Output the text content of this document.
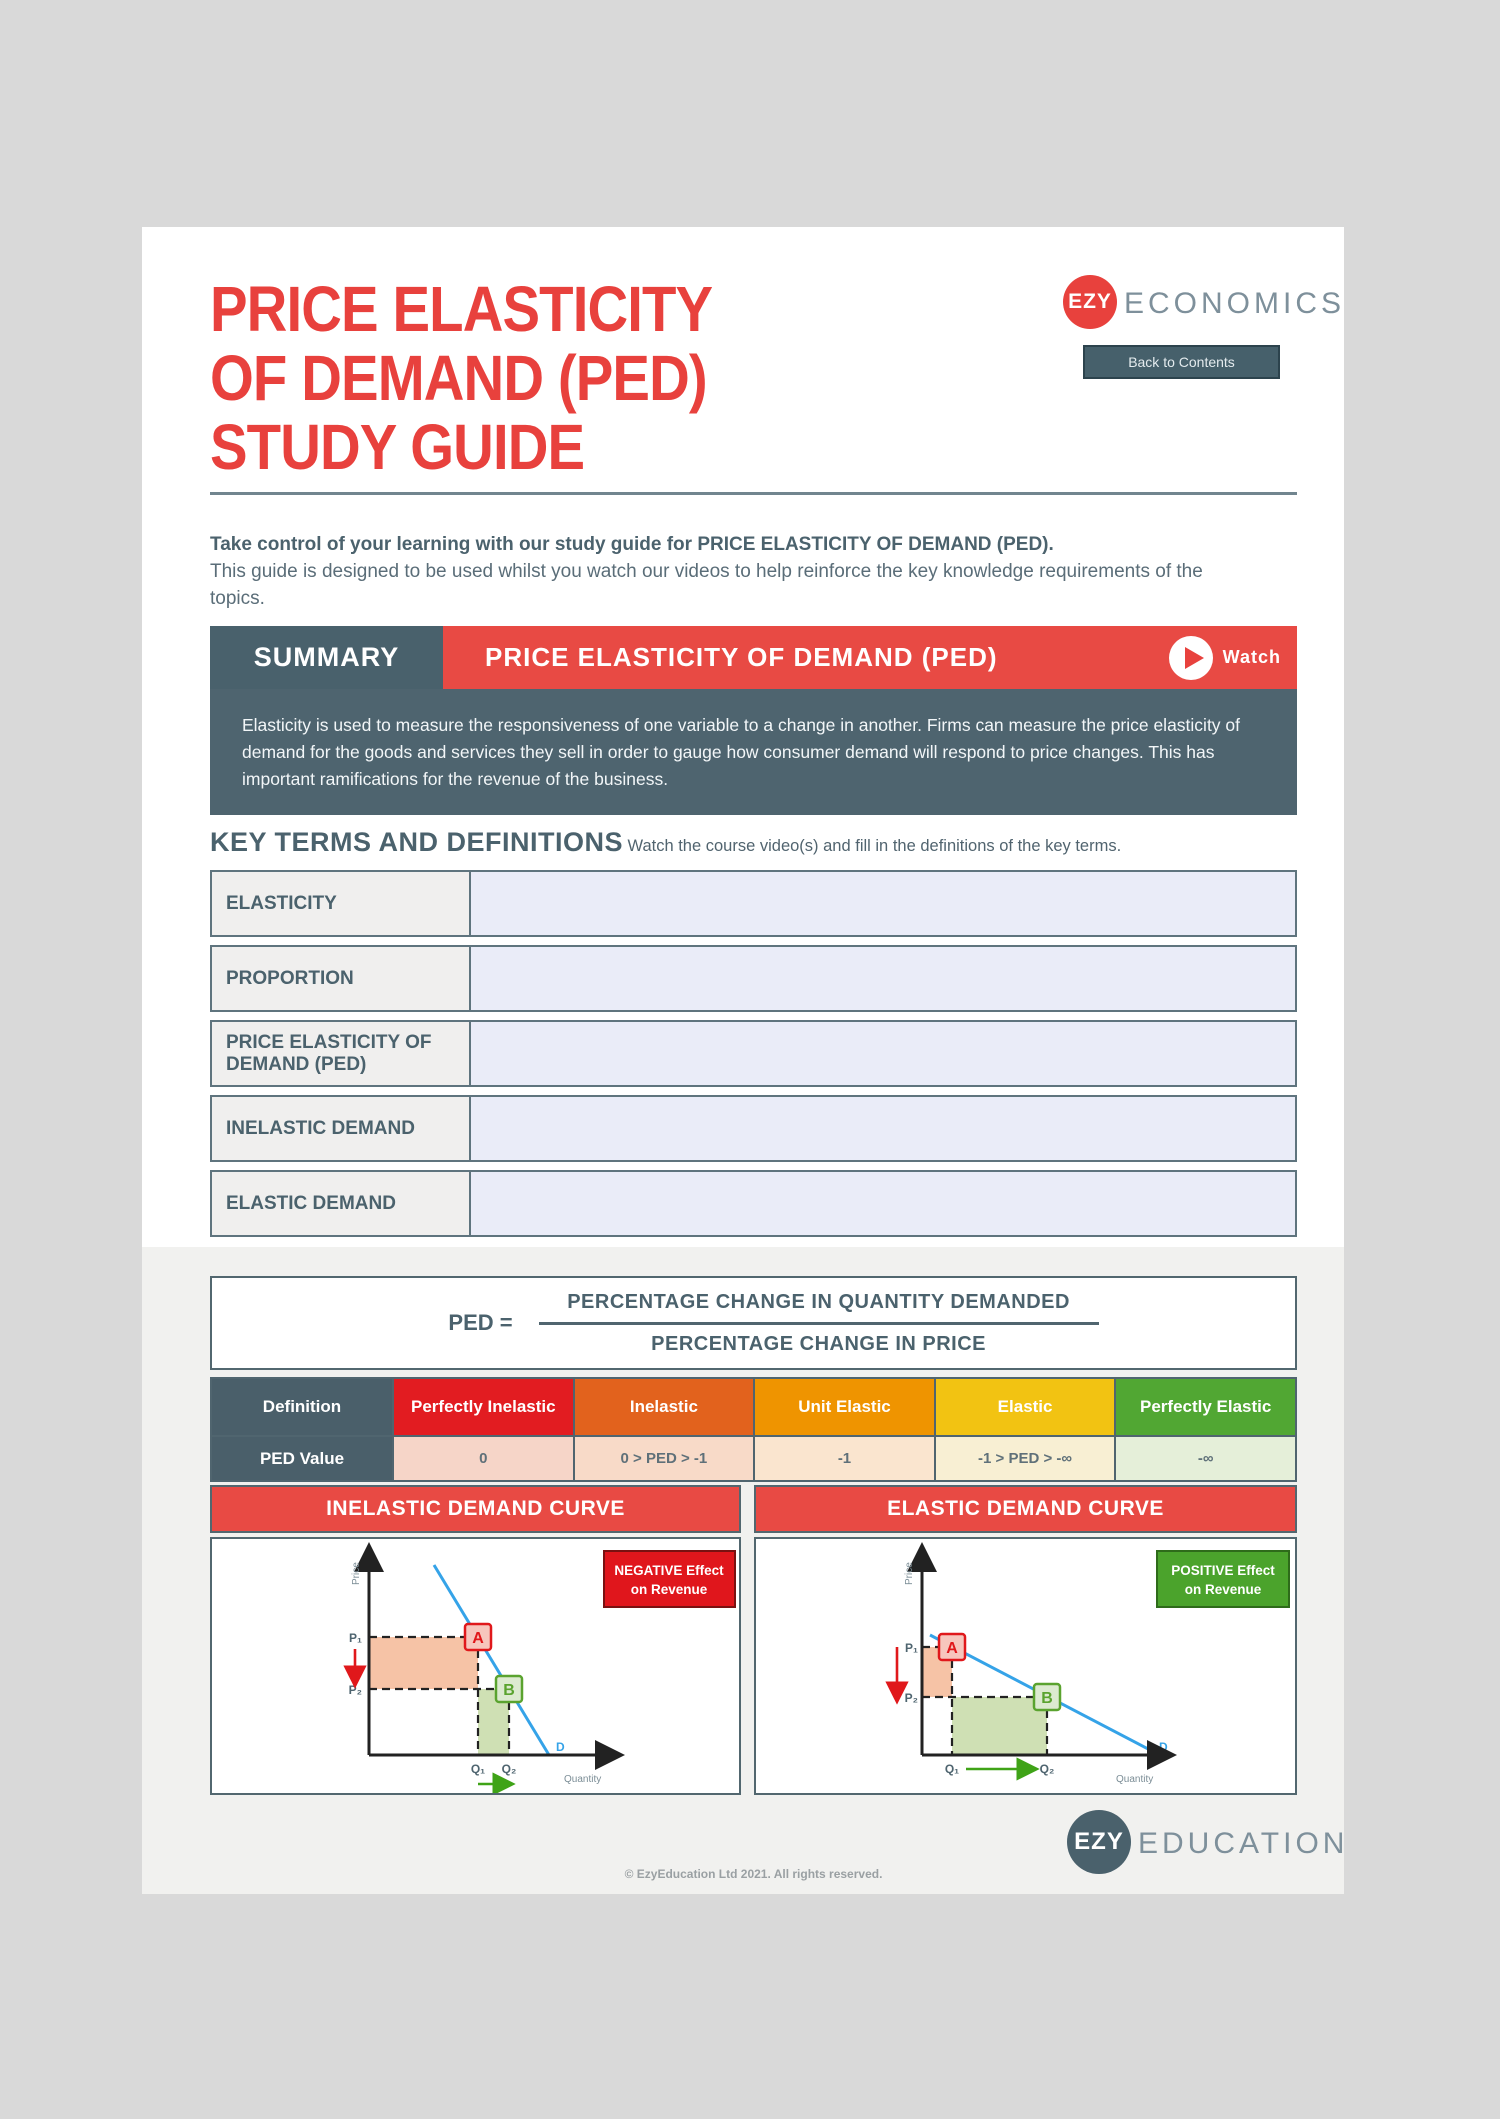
PRICE ELASTICITY
OF DEMAND (PED)
STUDY GUIDE
EZY ECONOMICS
Back to Contents
Take control of your learning with our study guide for PRICE ELASTICITY OF DEMAND (PED).
This guide is designed to be used whilst you watch our videos to help reinforce the key knowledge requirements of the topics.
SUMMARY	PRICE ELASTICITY OF DEMAND (PED)	Watch
Elasticity is used to measure the responsiveness of one variable to a change in another. Firms can measure the price elasticity of demand for the goods and services they sell in order to gauge how consumer demand will respond to price changes. This has important ramifications for the revenue of the business.
KEY TERMS AND DEFINITIONS Watch the course video(s) and fill in the definitions of the key terms.
ELASTICITY
PROPORTION
PRICE ELASTICITY OF DEMAND (PED)
INELASTIC DEMAND
ELASTIC DEMAND
PED = $\frac{\text{PERCENTAGE CHANGE IN QUANTITY DEMANDED}}{\text{PERCENTAGE CHANGE IN PRICE}}$
Definition	Perfectly Inelastic	Inelastic	Unit Elastic	Elastic	Perfectly Elastic
PED Value	0	0 > PED > -1	-1	-1 > PED > -∞	-∞
INELASTIC DEMAND CURVE	ELASTIC DEMAND CURVE
D
Price
Quantity
P₁
P₂
Q₁ Q₂
A
B
NEGATIVE Effect
on Revenue
D
Price
Quantity
P₁
P₂
Q₁	Q₂
A
B
POSITIVE Effect
on Revenue
EZY EDUCATION
© EzyEducation Ltd 2021. All rights reserved.
